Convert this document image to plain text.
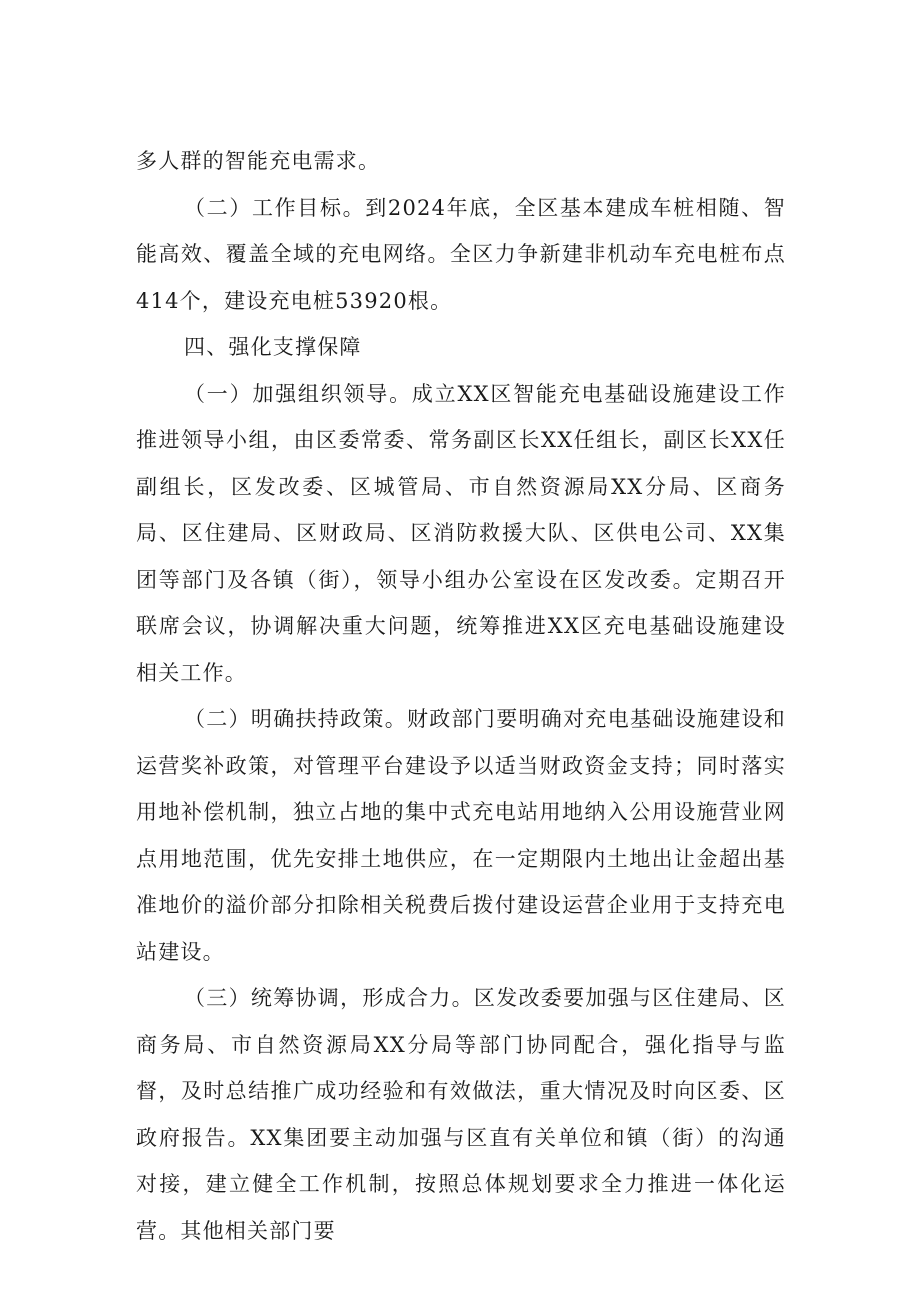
多人群的智能充电需求。

（二）工作目标。到2024年底，全区基本建成车桩相随、智能高效、覆盖全域的充电网络。全区力争新建非机动车充电桩布点414个，建设充电桩53920根。

四、强化支撑保障

（一）加强组织领导。成立XX区智能充电基础设施建设工作推进领导小组，由区委常委、常务副区长XX任组长，副区长XX任副组长，区发改委、区城管局、市自然资源局XX分局、区商务局、区住建局、区财政局、区消防救援大队、区供电公司、XX集团等部门及各镇（街），领导小组办公室设在区发改委。定期召开联席会议，协调解决重大问题，统筹推进XX区充电基础设施建设相关工作。

（二）明确扶持政策。财政部门要明确对充电基础设施建设和运营奖补政策，对管理平台建设予以适当财政资金支持；同时落实用地补偿机制，独立占地的集中式充电站用地纳入公用设施营业网点用地范围，优先安排土地供应，在一定期限内土地出让金超出基准地价的溢价部分扣除相关税费后拨付建设运营企业用于支持充电站建设。

（三）统筹协调，形成合力。区发改委要加强与区住建局、区商务局、市自然资源局XX分局等部门协同配合，强化指导与监督，及时总结推广成功经验和有效做法，重大情况及时向区委、区政府报告。XX集团要主动加强与区直有关单位和镇（街）的沟通对接，建立健全工作机制，按照总体规划要求全力推进一体化运营。其他相关部门要
